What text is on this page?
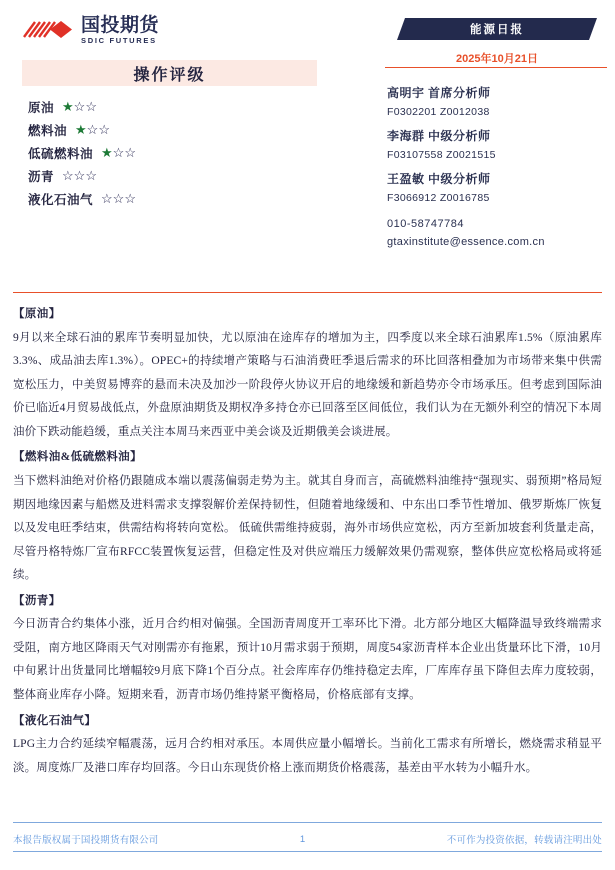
国投期货
SDIC FUTURES
操作评级
原油 ★☆☆
燃料油 ★☆☆
低硫燃料油 ★☆☆
沥青 ☆☆☆
液化石油气 ☆☆☆
能源日报
2025年10月21日

高明宇 首席分析师

F0302201 Z0012038

李海群 中级分析师

F03107558 Z0021515

王盈敏 中级分析师

F3066912 Z0016785

010-58747784

gtaxinstitute@essence.com.cn

【原油】

9月以来全球石油的累库节奏明显加快，尤以原油在途库存的增加为主，四季度以来全球石油累库1.5%（原油累库3.3%、成品油去库1.3%）。OPEC+的持续增产策略与石油消费旺季退后需求的环比回落相叠加为市场带来集中供需宽松压力，中美贸易博弈的悬而未决及加沙一阶段停火协议开启的地缘缓和新趋势亦令市场承压。但考虑到国际油价已临近4月贸易战低点，外盘原油期货及期权净多持仓亦已回落至区间低位，我们认为在无额外利空的情况下本周油价下跌动能趋缓，重点关注本周马来西亚中美会谈及近期俄美会谈进展。

【燃料油&低硫燃料油】

当下燃料油绝对价格仍跟随成本端以震荡偏弱走势为主。就其自身而言，高硫燃料油维持“强现实、弱预期”格局短期因地缘因素与船燃及进料需求支撑裂解价差保持韧性，但随着地缘缓和、中东出口季节性增加、俄罗斯炼厂恢复以及发电旺季结束，供需结构将转向宽松。 低硫供需维持疲弱，海外市场供应宽松，丙方至新加坡套利货量走高，尽管丹格特炼厂宣布RFCC装置恢复运营，但稳定性及对供应端压力缓解效果仍需观察，整体供应宽松格局或将延续。

【沥青】

今日沥青合约集体小涨，近月合约相对偏强。全国沥青周度开工率环比下滑。北方部分地区大幅降温导致终端需求受阻，南方地区降雨天气对刚需亦有拖累，预计10月需求弱于预期，周度54家沥青样本企业出货量环比下滑，10月中旬累计出货量同比增幅较9月底下降1个百分点。社会库库存仍维持稳定去库，厂库库存虽下降但去库力度较弱，整体商业库存小降。短期来看，沥青市场仍维持紧平衡格局，价格底部有支撑。

【液化石油气】

LPG主力合约延续窄幅震荡，远月合约相对承压。本周供应量小幅增长。当前化工需求有所增长，燃烧需求稍显平淡。周度炼厂及港口库存均回落。今日山东现货价格上涨而期货价格震荡，基差由平水转为小幅升水。

本报告版权属于国投期货有限公司	1	不可作为投资依据，转载请注明出处
